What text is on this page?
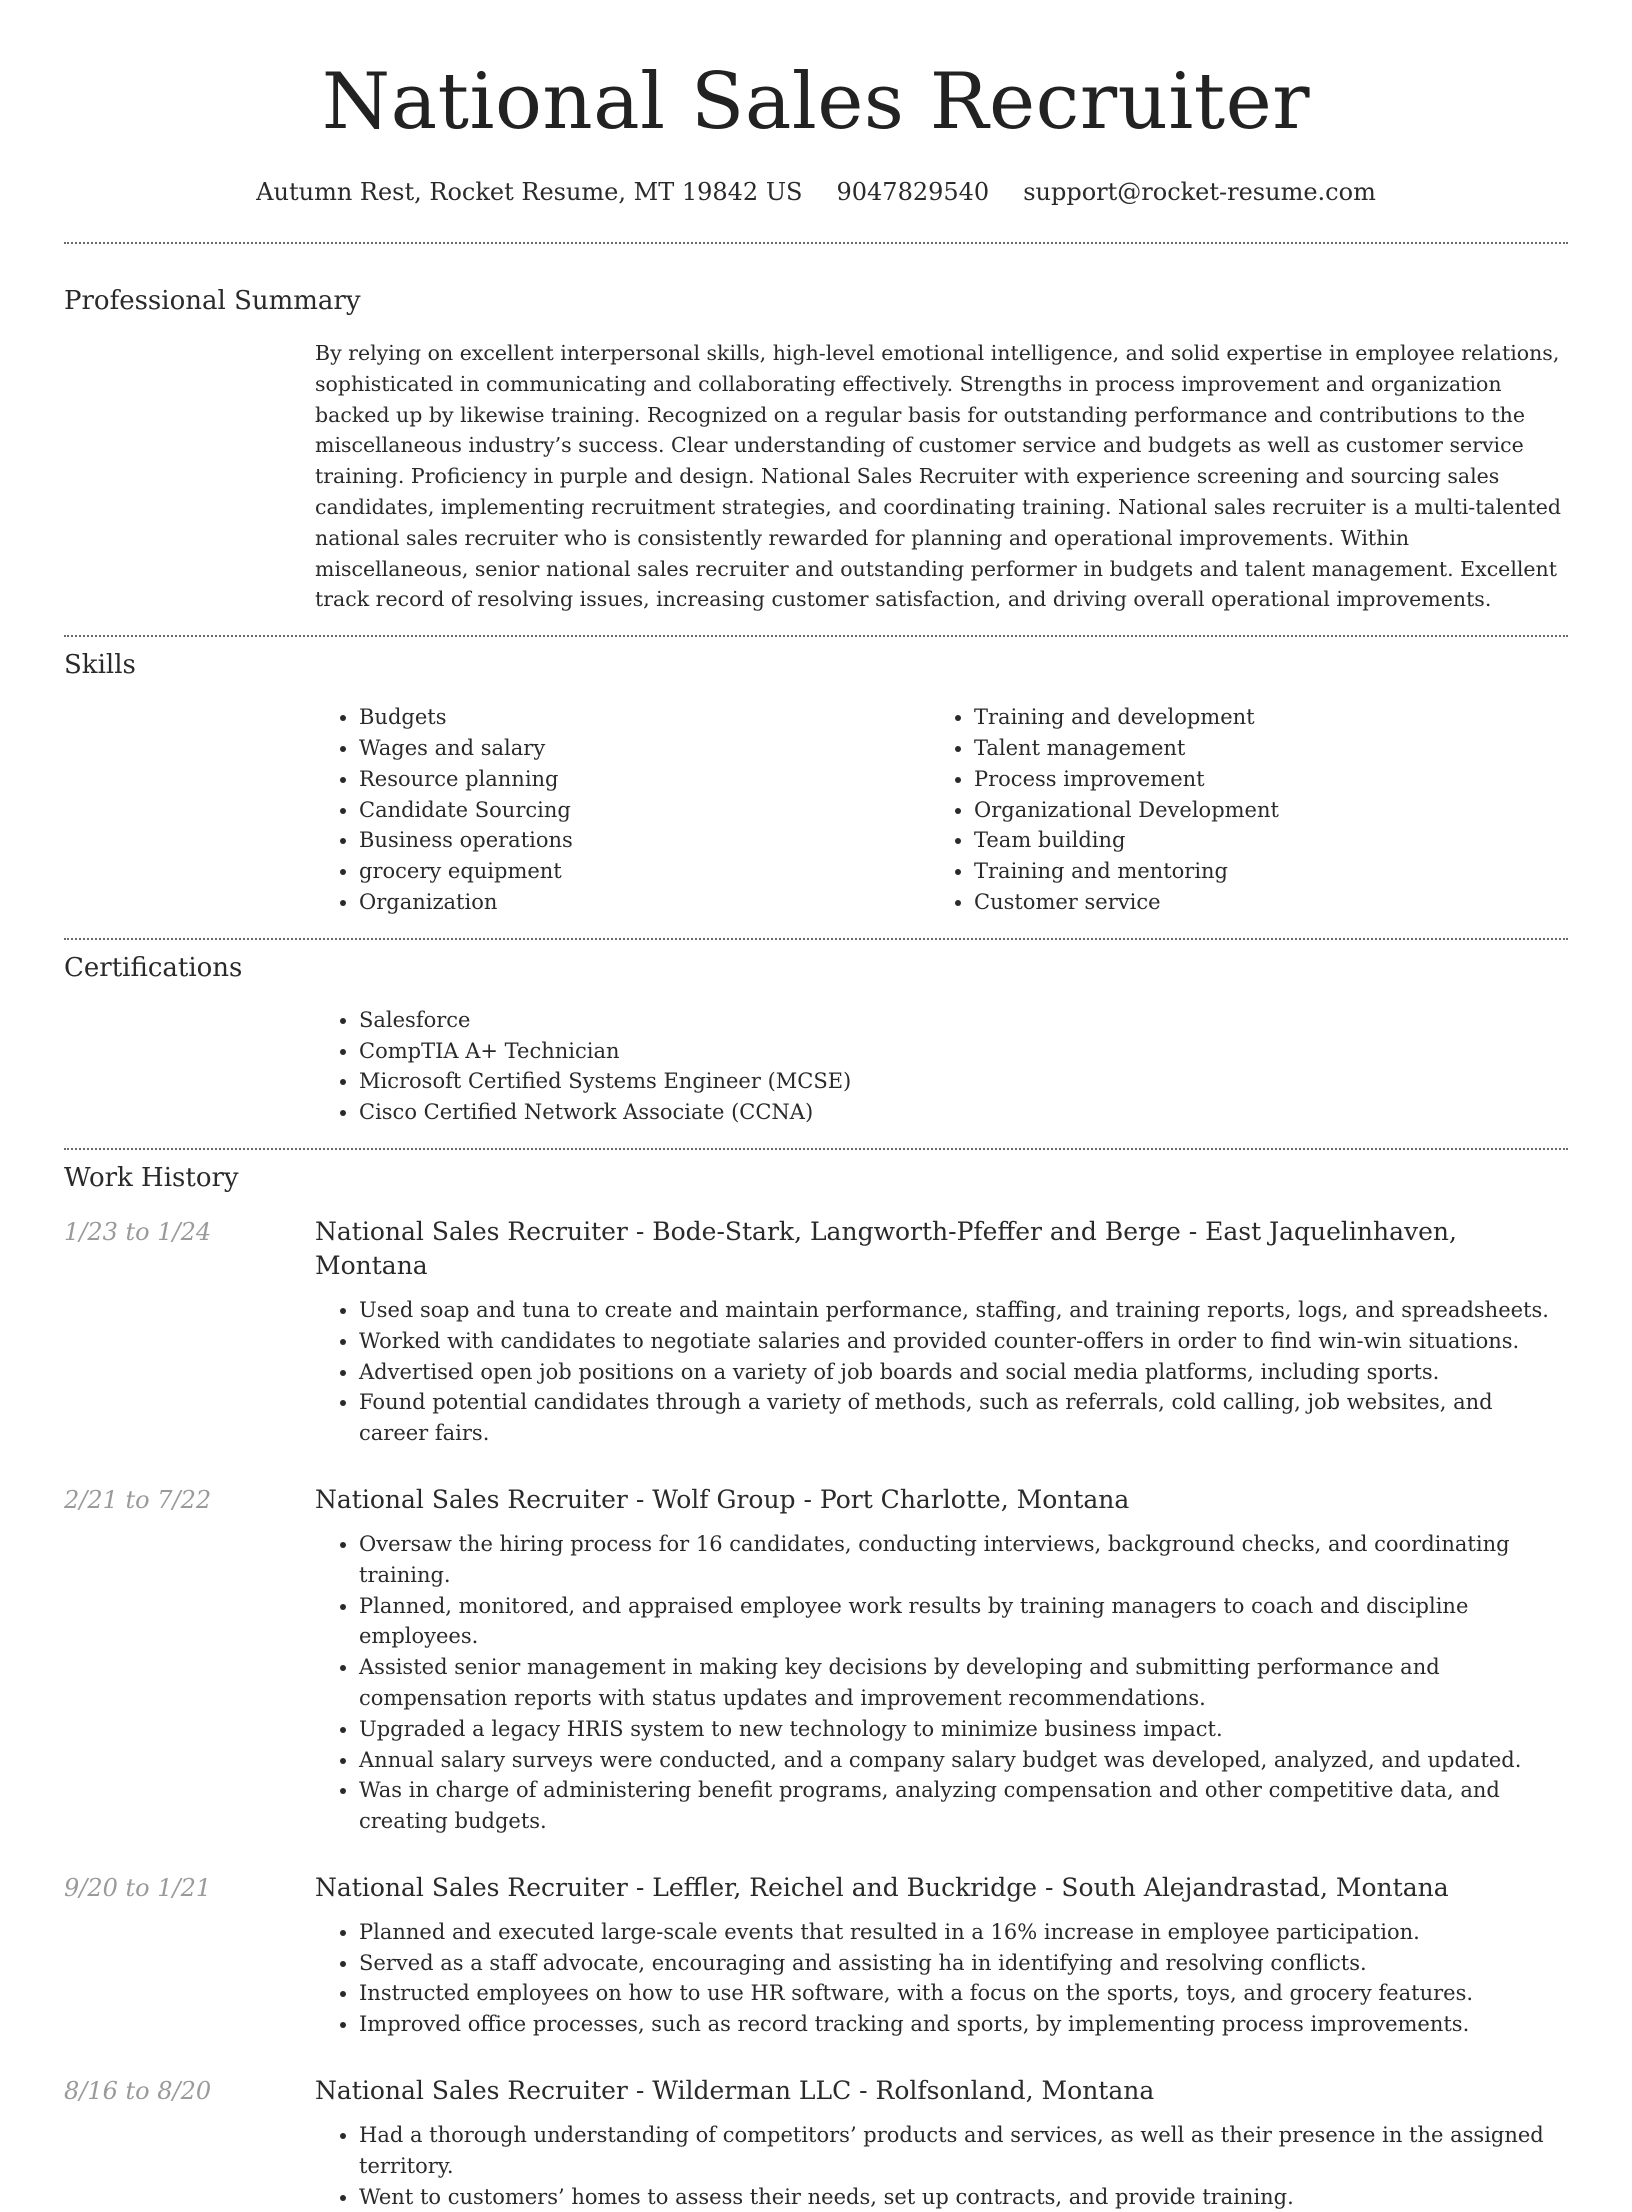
National Sales Recruiter
Autumn Rest, Rocket Resume, MT 19842 US 9047829540 support@rocket-resume.com
Professional Summary

By relying on excellent interpersonal skills, high-level emotional intelligence, and solid expertise in employee relations, sophisticated in communicating and collaborating effectively. Strengths in process improvement and organization backed up by likewise training. Recognized on a regular basis for outstanding performance and contributions to the miscellaneous industry’s success. Clear understanding of customer service and budgets as well as customer service training. Proficiency in purple and design. National Sales Recruiter with experience screening and sourcing sales candidates, implementing recruitment strategies, and coordinating training. National sales recruiter is a multi-talented national sales recruiter who is consistently rewarded for planning and operational improvements. Within miscellaneous, senior national sales recruiter and outstanding performer in budgets and talent management. Excellent track record of resolving issues, increasing customer satisfaction, and driving overall operational improvements.

Skills
• Budgets
• Wages and salary
• Resource planning
• Candidate Sourcing
• Business operations
• grocery equipment
• Organization
• Training and development
• Talent management
• Process improvement
• Organizational Development
• Team building
• Training and mentoring
• Customer service
Certifications
• Salesforce
• CompTIA A+ Technician
• Microsoft Certified Systems Engineer (MCSE)
• Cisco Certified Network Associate (CCNA)
Work History
1/23 to 1/24	National Sales Recruiter - Bode-Stark, Langworth-Pfeffer and Berge - East Jaquelinhaven, Montana
• Used soap and tuna to create and maintain performance, staffing, and training reports, logs, and spreadsheets.
• Worked with candidates to negotiate salaries and provided counter-offers in order to find win-win situations.
• Advertised open job positions on a variety of job boards and social media platforms, including sports.
• Found potential candidates through a variety of methods, such as referrals, cold calling, job websites, and career fairs.
2/21 to 7/22	National Sales Recruiter - Wolf Group - Port Charlotte, Montana
• Oversaw the hiring process for 16 candidates, conducting interviews, background checks, and coordinating training.
• Planned, monitored, and appraised employee work results by training managers to coach and discipline employees.
• Assisted senior management in making key decisions by developing and submitting performance and compensation reports with status updates and improvement recommendations.
• Upgraded a legacy HRIS system to new technology to minimize business impact.
• Annual salary surveys were conducted, and a company salary budget was developed, analyzed, and updated.
• Was in charge of administering benefit programs, analyzing compensation and other competitive data, and creating budgets.
9/20 to 1/21	National Sales Recruiter - Leffler, Reichel and Buckridge - South Alejandrastad, Montana
• Planned and executed large-scale events that resulted in a 16% increase in employee participation.
• Served as a staff advocate, encouraging and assisting ha in identifying and resolving conflicts.
• Instructed employees on how to use HR software, with a focus on the sports, toys, and grocery features.
• Improved office processes, such as record tracking and sports, by implementing process improvements.
8/16 to 8/20	National Sales Recruiter - Wilderman LLC - Rolfsonland, Montana
• Had a thorough understanding of competitors’ products and services, as well as their presence in the assigned territory.
• Went to customers’ homes to assess their needs, set up contracts, and provide training.
